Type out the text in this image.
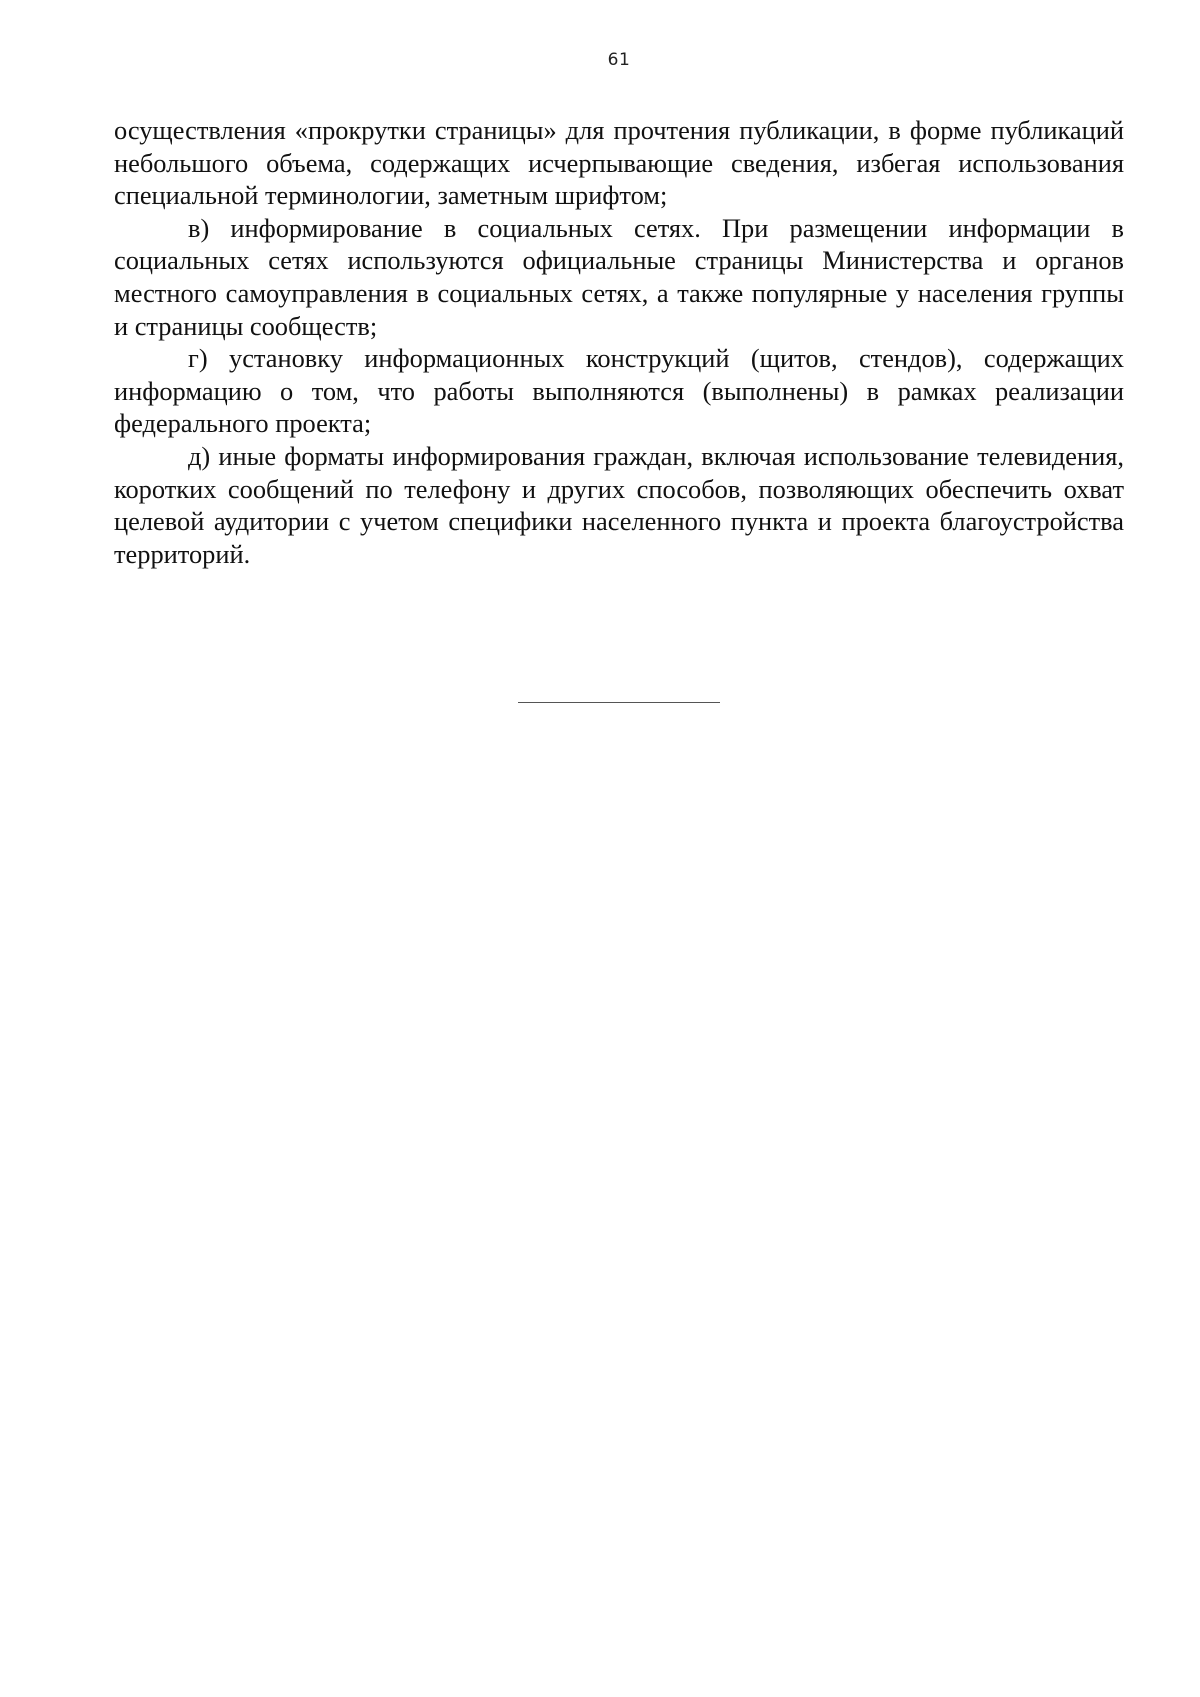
61

осуществления «прокрутки страницы» для прочтения публикации, в форме публикаций небольшого объема, содержащих исчерпывающие сведения, избегая использования специальной терминологии, заметным шрифтом;

в) информирование в социальных сетях. При размещении информации в социальных сетях используются официальные страницы Министерства и органов местного самоуправления в социальных сетях, а также популярные у населения группы и страницы сообществ;

г) установку информационных конструкций (щитов, стендов), содержащих информацию о том, что работы выполняются (выполнены) в рамках реализации федерального проекта;

д) иные форматы информирования граждан, включая использование телевидения, коротких сообщений по телефону и других способов, позволяющих обеспечить охват целевой аудитории с учетом специфики населенного пункта и проекта благоустройства территорий.
